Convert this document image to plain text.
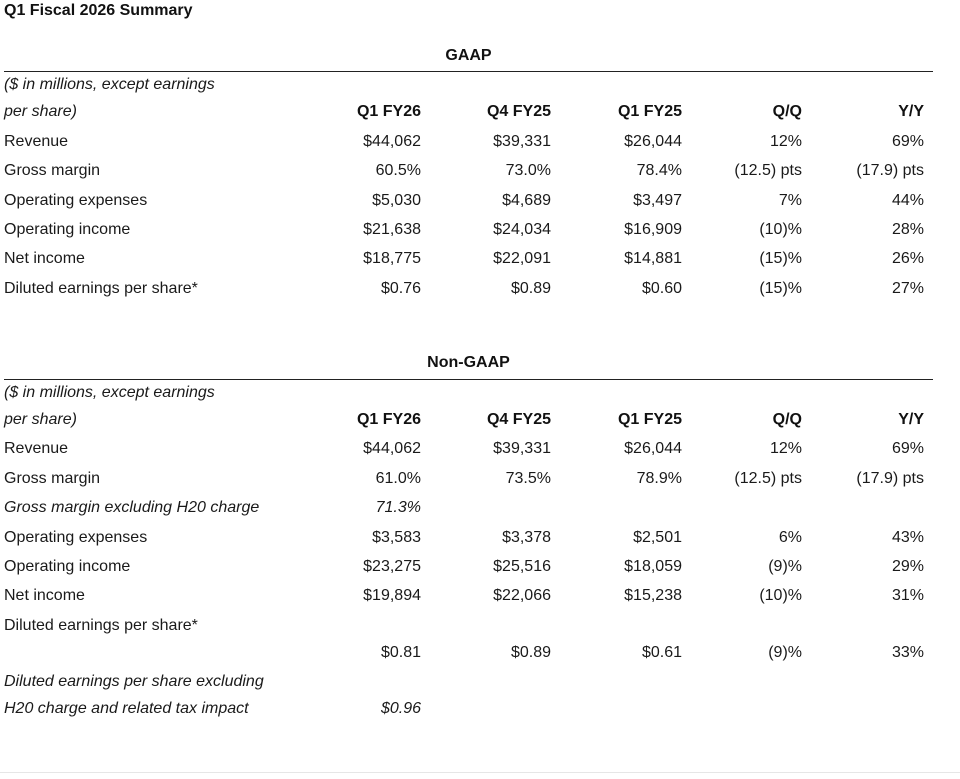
Q1 Fiscal 2026 Summary
GAAP
($ in millions, except earnings
per share)	Q1 FY26	Q4 FY25	Q1 FY25	Q/Q	Y/Y
Revenue	$44,062	$39,331	$26,044	12%	69%
Gross margin	60.5%	73.0%	78.4%	(12.5) pts	(17.9) pts
Operating expenses	$5,030	$4,689	$3,497	7%	44%
Operating income	$21,638	$24,034	$16,909	(10)%	28%
Net income	$18,775	$22,091	$14,881	(15)%	26%
Diluted earnings per share*	$0.76	$0.89	$0.60	(15)%	27%
Non-GAAP
($ in millions, except earnings
per share)	Q1 FY26	Q4 FY25	Q1 FY25	Q/Q	Y/Y
Revenue	$44,062	$39,331	$26,044	12%	69%
Gross margin	61.0%	73.5%	78.9%	(12.5) pts	(17.9) pts
Gross margin excluding H20 charge	71.3%
Operating expenses	$3,583	$3,378	$2,501	6%	43%
Operating income	$23,275	$25,516	$18,059	(9)%	29%
Net income	$19,894	$22,066	$15,238	(10)%	31%
Diluted earnings per share*
$0.81	$0.89	$0.61	(9)%	33%
Diluted earnings per share excluding
H20 charge and related tax impact	$0.96
